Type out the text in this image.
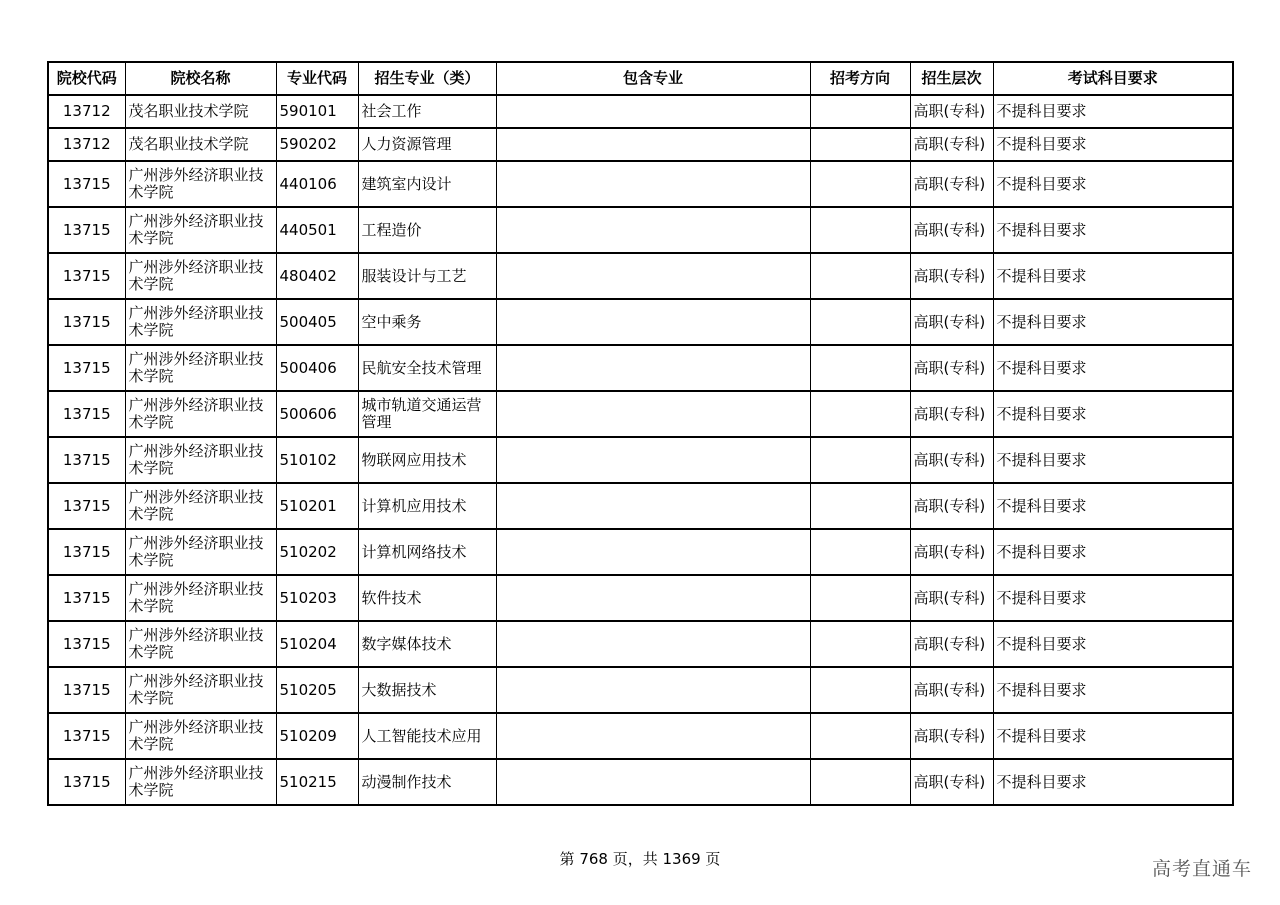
院校代码	院校名称	专业代码	招生专业（类）	包含专业	招考方向	招生层次	考试科目要求
13712	茂名职业技术学院	590101	社会工作			高职(专科)	不提科目要求
13712	茂名职业技术学院	590202	人力资源管理			高职(专科)	不提科目要求
13715	广州涉外经济职业技术学院	440106	建筑室内设计			高职(专科)	不提科目要求
13715	广州涉外经济职业技术学院	440501	工程造价			高职(专科)	不提科目要求
13715	广州涉外经济职业技术学院	480402	服装设计与工艺			高职(专科)	不提科目要求
13715	广州涉外经济职业技术学院	500405	空中乘务			高职(专科)	不提科目要求
13715	广州涉外经济职业技术学院	500406	民航安全技术管理			高职(专科)	不提科目要求
13715	广州涉外经济职业技术学院	500606	城市轨道交通运营管理			高职(专科)	不提科目要求
13715	广州涉外经济职业技术学院	510102	物联网应用技术			高职(专科)	不提科目要求
13715	广州涉外经济职业技术学院	510201	计算机应用技术			高职(专科)	不提科目要求
13715	广州涉外经济职业技术学院	510202	计算机网络技术			高职(专科)	不提科目要求
13715	广州涉外经济职业技术学院	510203	软件技术			高职(专科)	不提科目要求
13715	广州涉外经济职业技术学院	510204	数字媒体技术			高职(专科)	不提科目要求
13715	广州涉外经济职业技术学院	510205	大数据技术			高职(专科)	不提科目要求
13715	广州涉外经济职业技术学院	510209	人工智能技术应用			高职(专科)	不提科目要求
13715	广州涉外经济职业技术学院	510215	动漫制作技术			高职(专科)	不提科目要求
第 768 页，共 1369 页	高考直通车
